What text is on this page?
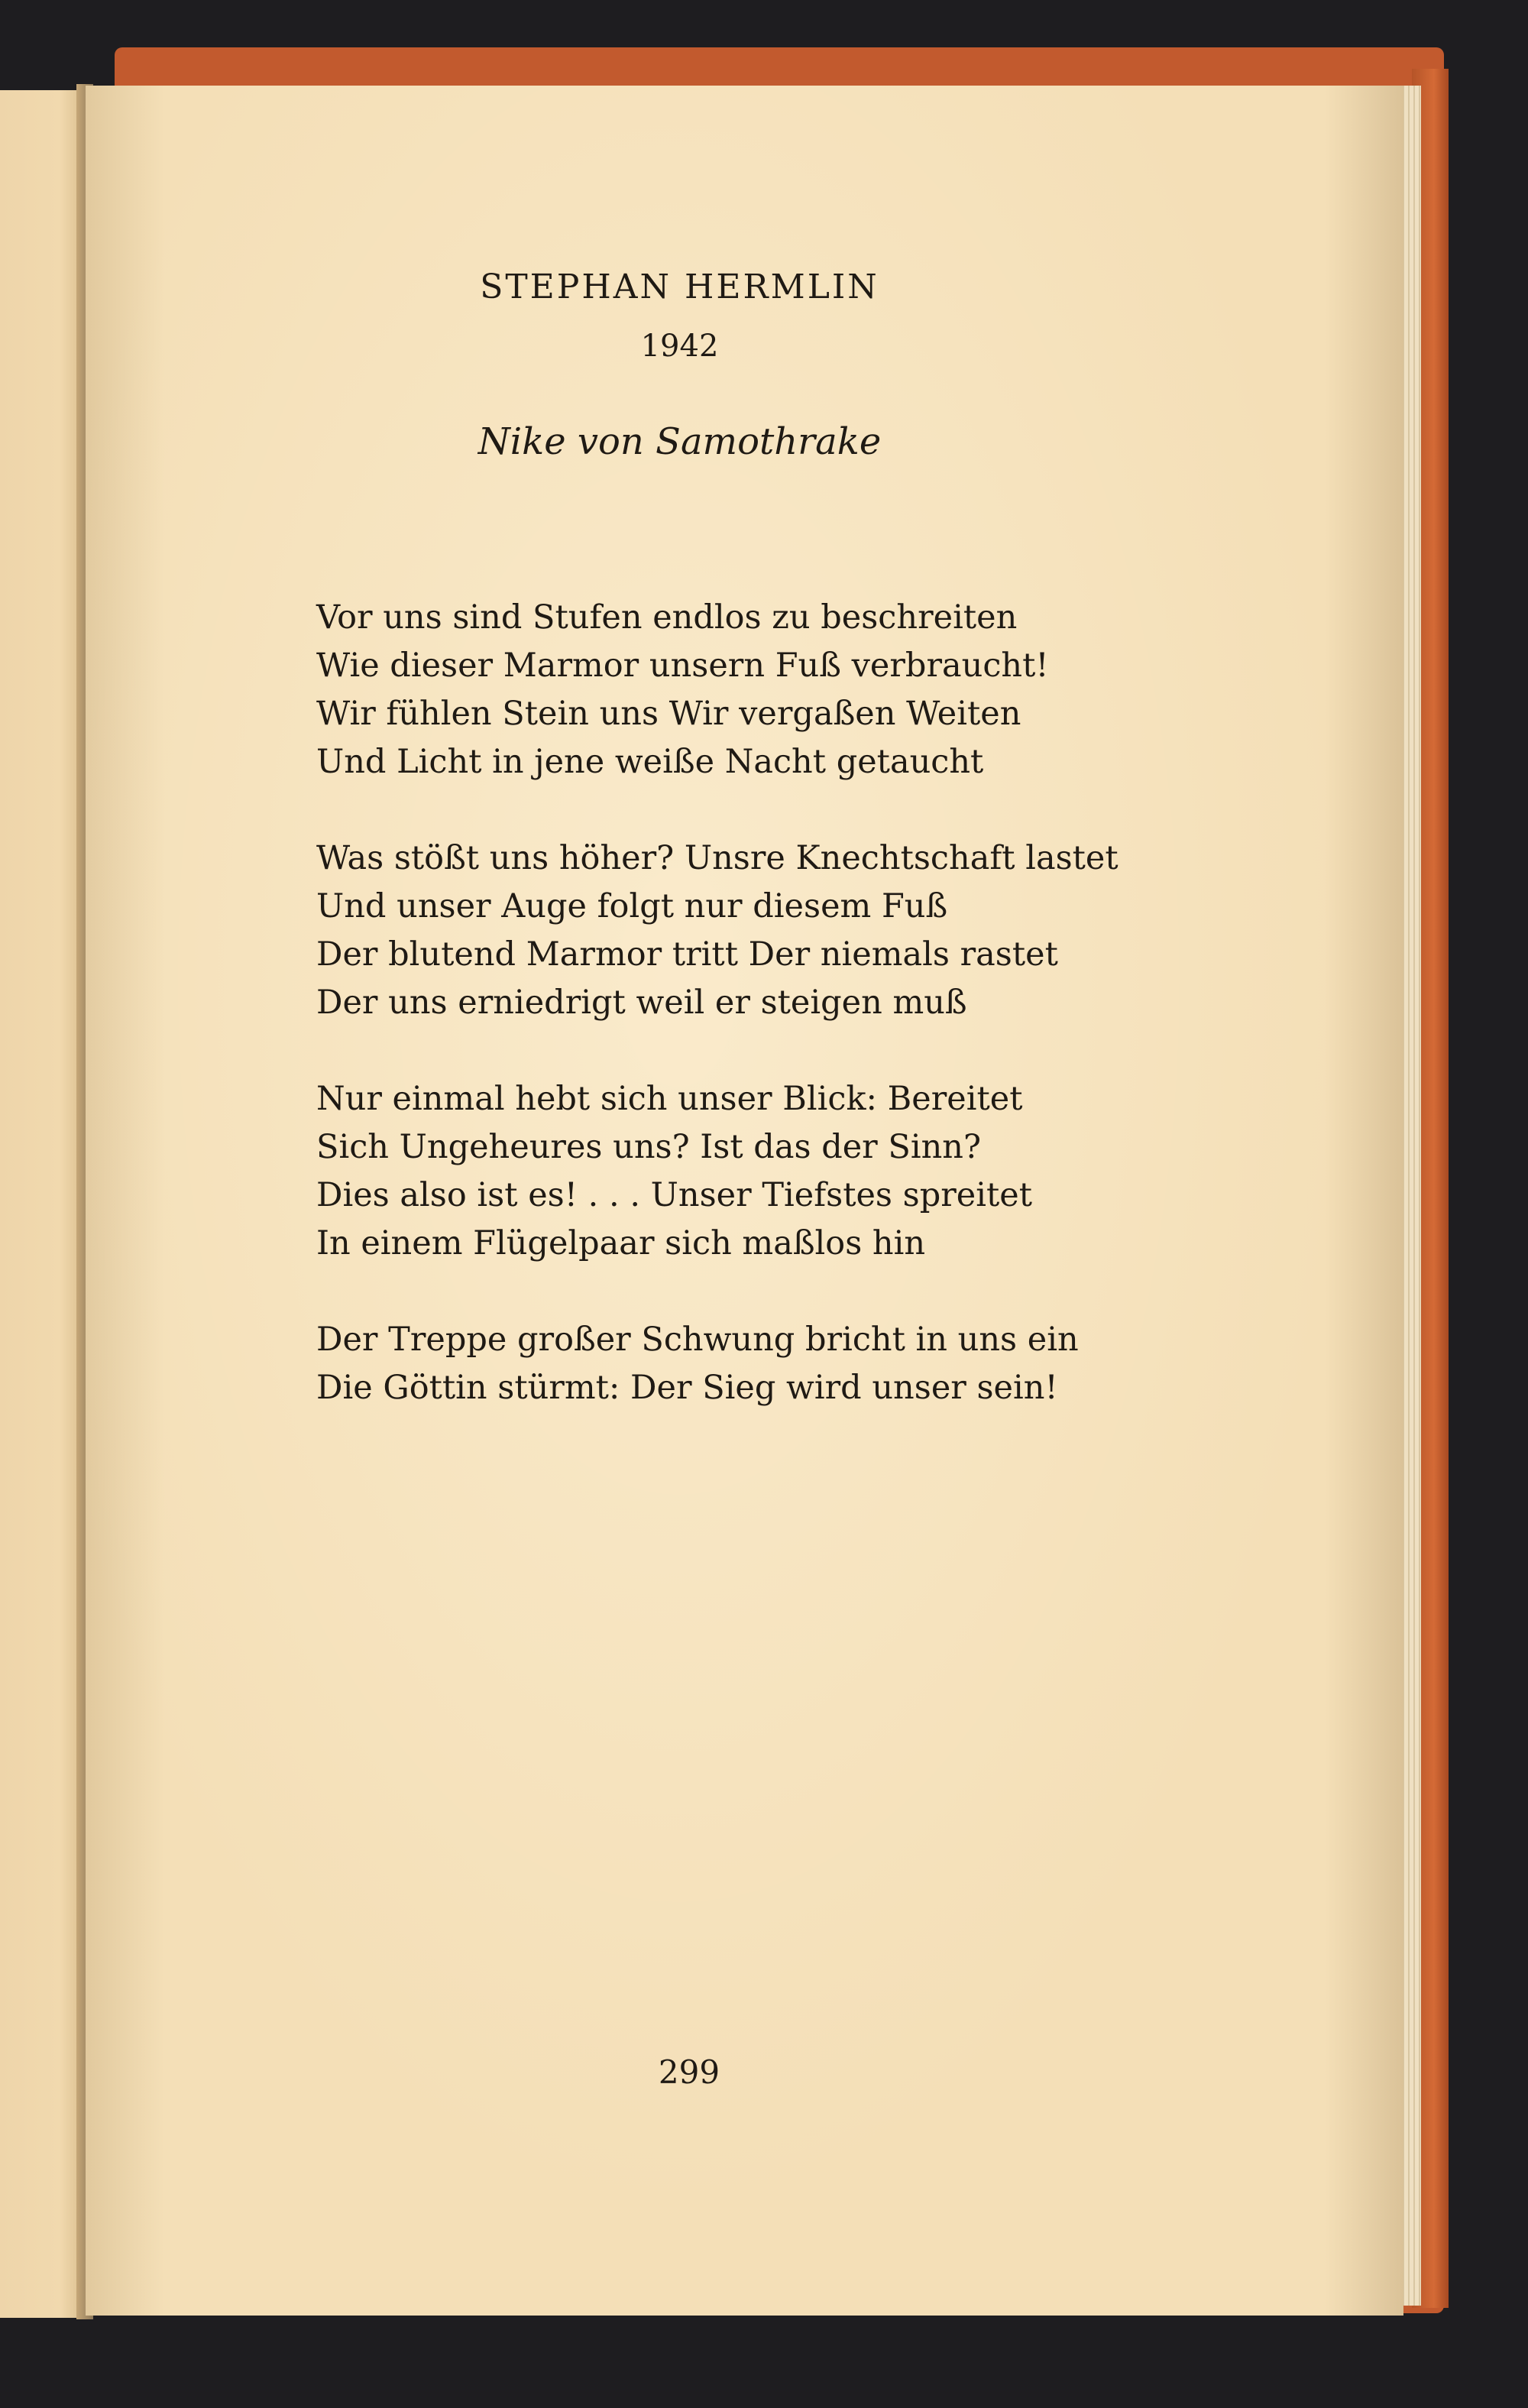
STEPHAN HERMLIN
1942
Nike von Samothrake
Vor uns sind Stufen endlos zu beschreiten
Wie dieser Marmor unsern Fuß verbraucht!
Wir fühlen Stein uns Wir vergaßen Weiten
Und Licht in jene weiße Nacht getaucht
Was stößt uns höher? Unsre Knechtschaft lastet
Und unser Auge folgt nur diesem Fuß
Der blutend Marmor tritt Der niemals rastet
Der uns erniedrigt weil er steigen muß
Nur einmal hebt sich unser Blick: Bereitet
Sich Ungeheures uns? Ist das der Sinn?
Dies also ist es! . . . Unser Tiefstes spreitet
In einem Flügelpaar sich maßlos hin
Der Treppe großer Schwung bricht in uns ein
Die Göttin stürmt: Der Sieg wird unser sein!
299
